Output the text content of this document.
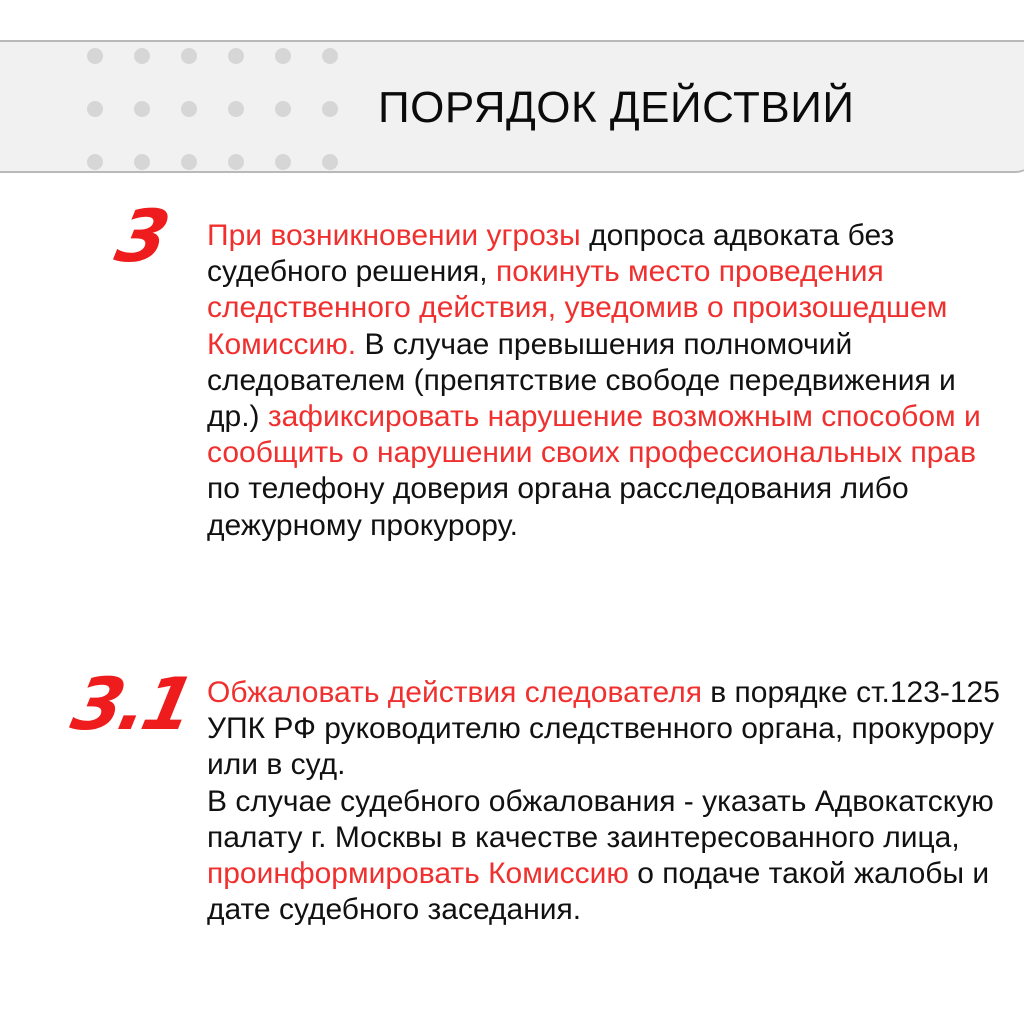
ПОРЯДОК ДЕЙСТВИЙ
3 При возникновении угрозы допроса адвоката без судебного решения, покинуть место проведения следственного действия, уведомив о произошедшем Комиссию. В случае превышения полномочий следователем (препятствие свободе передвижения и др.) зафиксировать нарушение возможным способом и сообщить о нарушении своих профессиональных прав по телефону доверия органа расследования либо дежурному прокурору.

3.1 Обжаловать действия следователя в порядке ст.123-125 УПК РФ руководителю следственного органа, прокурору или в суд.
В случае судебного обжалования - указать Адвокатскую палату г. Москвы в качестве заинтересованного лица,
проинформировать Комиссию о подаче такой жалобы и дате судебного заседания.
